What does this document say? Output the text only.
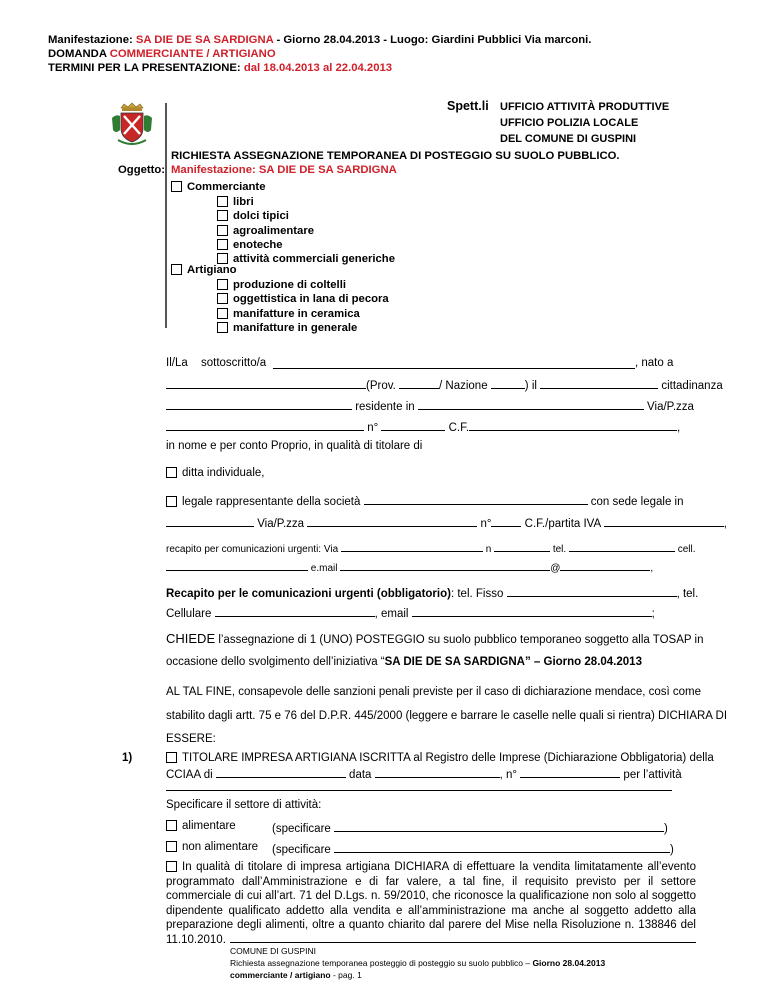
Manifestazione: SA DIE DE SA SARDIGNA - Giorno 28.04.2013 - Luogo: Giardini Pubblici Via marconi.
DOMANDA COMMERCIANTE / ARTIGIANO
TERMINI PER LA PRESENTAZIONE: dal 18.04.2013 al 22.04.2013
Spett.li UFFICIO ATTIVITÀ PRODUTTIVE
UFFICIO POLIZIA LOCALE
DEL COMUNE DI GUSPINI
RICHIESTA ASSEGNAZIONE TEMPORANEA DI POSTEGGIO SU SUOLO PUBBLICO.
Oggetto: Manifestazione: SA DIE DE SA SARDIGNA
Commerciante
libri
dolci tipici
agroalimentare
enoteche
attività commerciali generiche
Artigiano
produzione di coltelli
oggettistica in lana di pecora
manifatture in ceramica
manifatture in generale
Il/La sottoscritto/a	, nato a
(Prov.	/ Nazione	) il	cittadinanza
residente in	Via/P.zza
n°	C.F.	,
in nome e per conto Proprio, in qualità di titolare di
ditta individuale,
legale rappresentante della società	con sede legale in
Via/P.zza	n°	C.F./partita IVA	,
recapito per comunicazioni urgenti: Via	n	tel.	cell.
e.mail	@	,
Recapito per le comunicazioni urgenti (obbligatorio): tel. Fisso	, tel.
Cellulare	, email	;
CHIEDE l’assegnazione di 1 (UNO) POSTEGGIO su suolo pubblico temporaneo soggetto alla TOSAP in
occasione dello svolgimento dell’iniziativa “SA DIE DE SA SARDIGNA” – Giorno 28.04.2013
AL TAL FINE, consapevole delle sanzioni penali previste per il caso di dichiarazione mendace, così come
stabilito dagli artt. 75 e 76 del D.P.R. 445/2000 (leggere e barrare le caselle nelle quali si rientra) DICHIARA DI
ESSERE:
1)	TITOLARE IMPRESA ARTIGIANA ISCRITTA al Registro delle Imprese (Dichiarazione Obbligatoria) della
CCIAA di	data	, n°	per l’attività
Specificare il settore di attività:
alimentare	(specificare	)
non alimentare (specificare	)
In qualità di titolare di impresa artigiana DICHIARA di effettuare la vendita limitatamente all’evento programmato dall’Amministrazione e di far valere, a tal fine, il requisito previsto per il settore commerciale di cui all’art. 71 del D.Lgs. n. 59/2010, che riconosce la qualificazione non solo al soggetto dipendente qualificato addetto alla vendita e all’amministrazione ma anche al soggetto addetto alla preparazione degli alimenti, oltre a quanto chiarito dal parere del Mise nella Risoluzione n. 138846 del 11.10.2010.
COMUNE DI GUSPINI
Richiesta assegnazione temporanea posteggio di posteggio su suolo pubblico – Giorno 28.04.2013
commerciante / artigiano - pag. 1
